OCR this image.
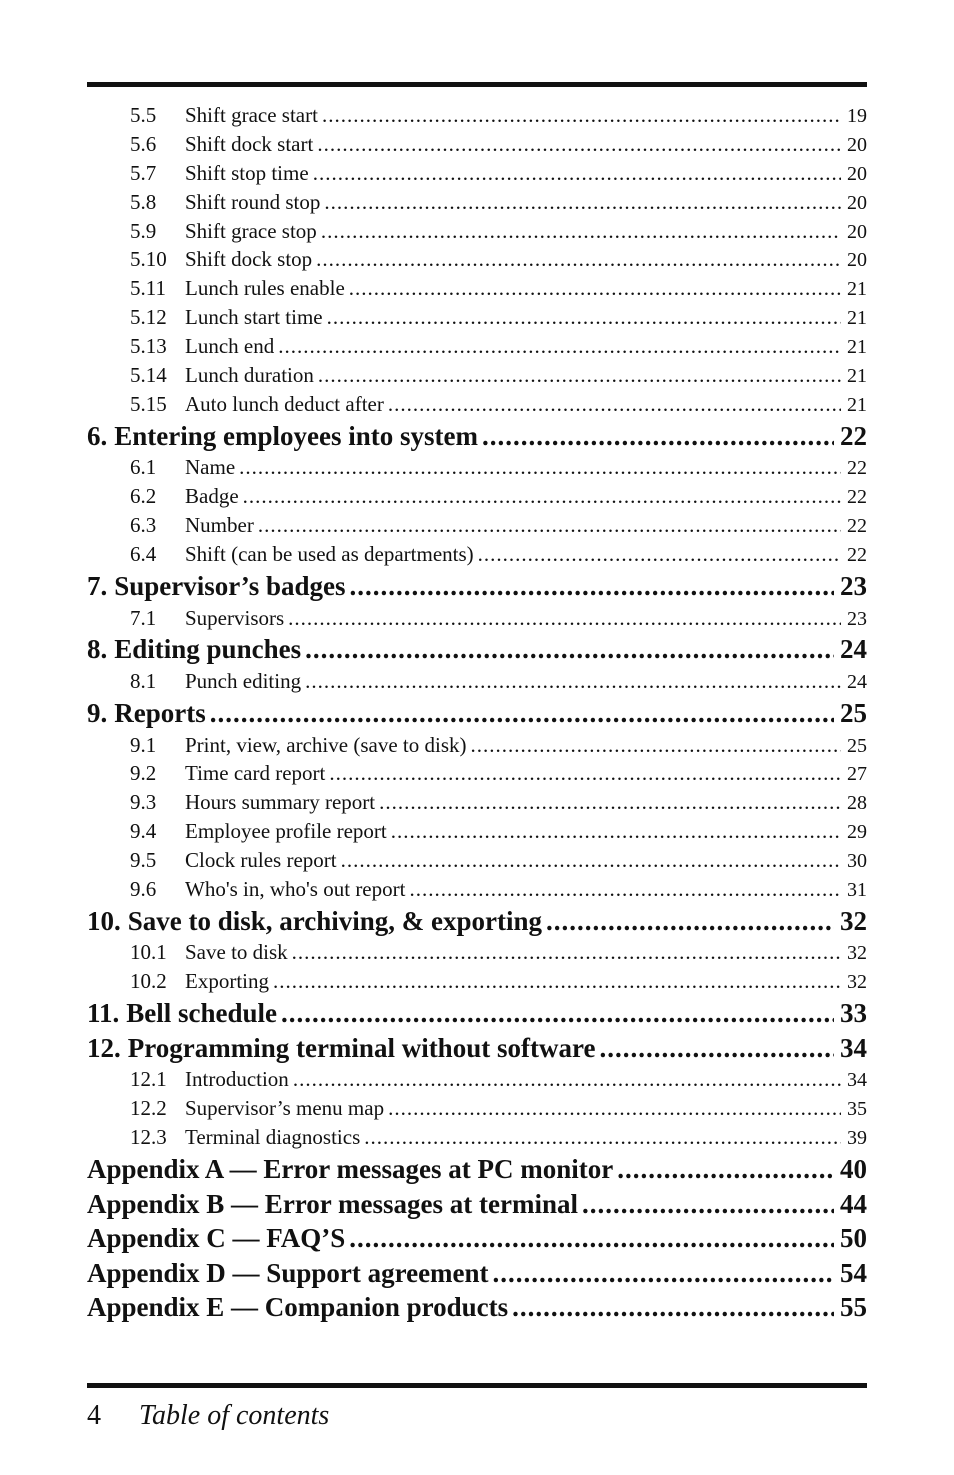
5.5	Shift grace start .....	19
5.6	Shift dock start .....	20
5.7	Shift stop time .....	20
5.8	Shift round stop .....	20
5.9	Shift grace stop .....	20
5.10 Shift dock stop .....	20
5.11 Lunch rules enable .....	21
5.12 Lunch start time .....	21
5.13 Lunch end .....	21
5.14 Lunch duration .....	21
5.15 Auto lunch deduct after .....	21
6. Entering employees into system .....	22
6.1	Name .....	22
6.2	Badge .....	22
6.3	Number .....	22
6.4	Shift (can be used as departments) .....	22
7. Supervisor’s badges .....	23
7.1	Supervisors .....	23
8. Editing punches .....	24
8.1	Punch editing .....	24
9. Reports .....	25
9.1	Print, view, archive (save to disk) .....	25
9.2	Time card report .....	27
9.3	Hours summary report .....	28
9.4	Employee profile report .....	29
9.5	Clock rules report .....	30
9.6	Who's in, who's out report .....	31
10. Save to disk, archiving, & exporting .....	32
10.1 Save to disk .....	32
10.2 Exporting .....	32
11. Bell schedule .....	33
12. Programming terminal without software .....	34
12.1 Introduction .....	34
12.2 Supervisor’s menu map .....	35
12.3 Terminal diagnostics .....	39
Appendix A — Error messages at PC monitor .....	40
Appendix B — Error messages at terminal .....	44
Appendix C — FAQ’S .....	50
Appendix D — Support agreement .....	54
Appendix E — Companion products .....	55
4	Table of contents
